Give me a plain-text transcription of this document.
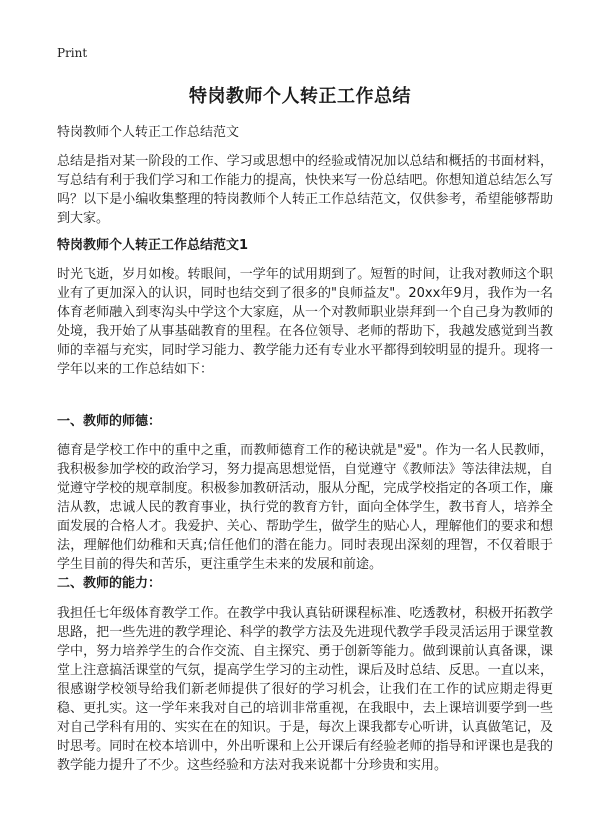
Print
特岗教师个人转正工作总结
特岗教师个人转正工作总结范文
总结是指对某一阶段的工作、学习或思想中的经验或情况加以总结和概括的书面材料，写总结有利于我们学习和工作能力的提高，快快来写一份总结吧。你想知道总结怎么写吗？以下是小编收集整理的特岗教师个人转正工作总结范文，仅供参考，希望能够帮助到大家。
特岗教师个人转正工作总结范文1
时光飞逝，岁月如梭。转眼间，一学年的试用期到了。短暂的时间，让我对教师这个职业有了更加深入的认识，同时也结交到了很多的"良师益友"。20xx年9月，我作为一名体育老师融入到枣沟头中学这个大家庭，从一个对教师职业崇拜到一个自己身为教师的处境，我开始了从事基础教育的里程。在各位领导、老师的帮助下，我越发感觉到当教师的幸福与充实，同时学习能力、教学能力还有专业水平都得到较明显的提升。现将一学年以来的工作总结如下：
一、教师的师德：
德育是学校工作中的重中之重，而教师德育工作的秘诀就是"爱"。作为一名人民教师，我积极参加学校的政治学习，努力提高思想觉悟，自觉遵守《教师法》等法律法规，自觉遵守学校的规章制度。积极参加教研活动，服从分配，完成学校指定的各项工作，廉洁从教，忠诚人民的教育事业，执行党的教育方针，面向全体学生，教书育人，培养全面发展的合格人才。我爱护、关心、帮助学生，做学生的贴心人，理解他们的要求和想法，理解他们幼稚和天真;信任他们的潜在能力。同时表现出深刻的理智，不仅着眼于学生目前的得失和苦乐，更注重学生未来的发展和前途。
二、教师的能力：
我担任七年级体育教学工作。在教学中我认真钻研课程标准、吃透教材，积极开拓教学思路，把一些先进的教学理论、科学的教学方法及先进现代教学手段灵活运用于课堂教学中，努力培养学生的合作交流、自主探究、勇于创新等能力。做到课前认真备课，课堂上注意搞活课堂的气氛，提高学生学习的主动性，课后及时总结、反思。一直以来，很感谢学校领导给我们新老师提供了很好的学习机会，让我们在工作的试应期走得更稳、更扎实。这一学年来我对自己的培训非常重视，在我眼中，去上课培训要学到一些对自己学科有用的、实实在在的知识。于是，每次上课我都专心听讲，认真做笔记，及时思考。同时在校本培训中，外出听课和上公开课后有经验老师的指导和评课也是我的教学能力提升了不少。这些经验和方法对我来说都十分珍贵和实用。
